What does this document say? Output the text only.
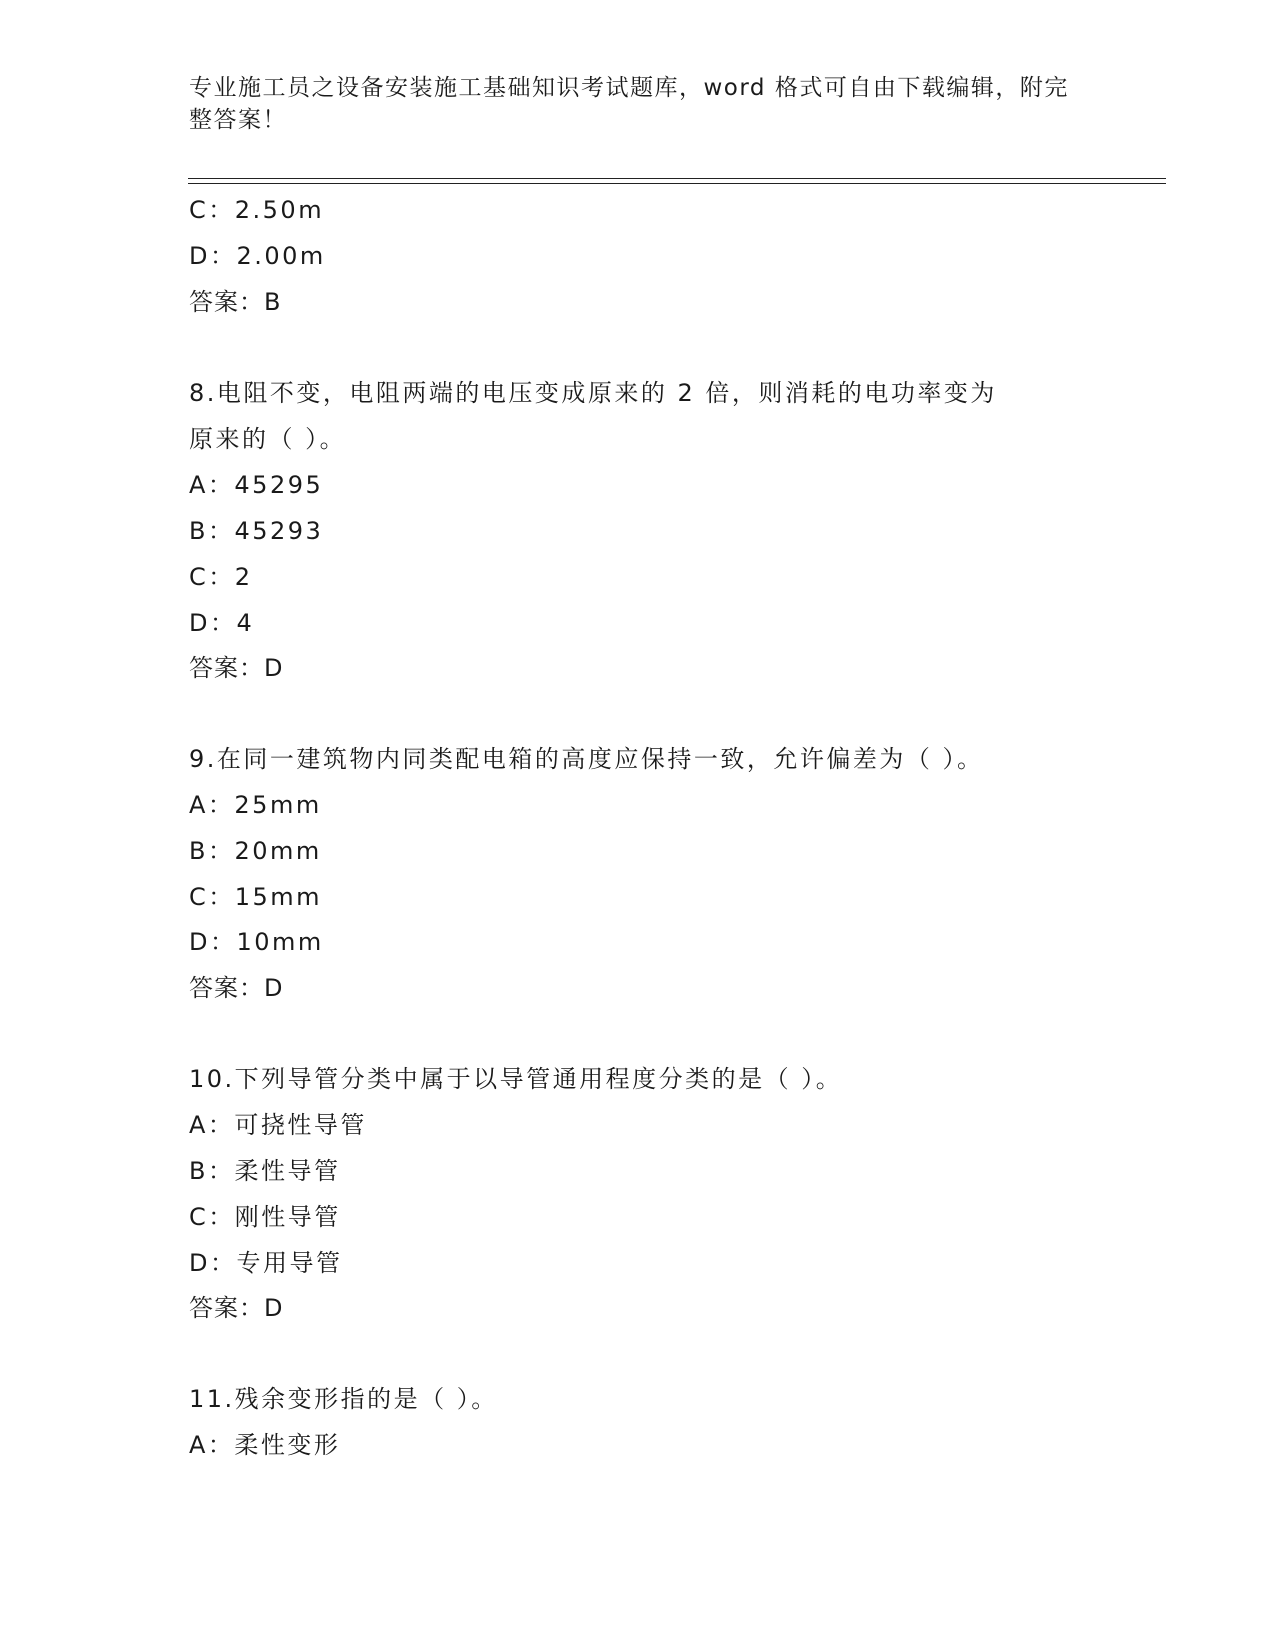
专业施工员之设备安装施工基础知识考试题库，word 格式可自由下载编辑，附完
整答案！
C：2.50m
D：2.00m
答案：B
8.电阻不变，电阻两端的电压变成原来的 2 倍，则消耗的电功率变为
原来的（ ）。
A：45295
B：45293
C：2
D：4
答案：D
9.在同一建筑物内同类配电箱的高度应保持一致，允许偏差为（ ）。
A：25mm
B：20mm
C：15mm
D：10mm
答案：D
10.下列导管分类中属于以导管通用程度分类的是（ ）。
A：可挠性导管
B：柔性导管
C：刚性导管
D：专用导管
答案：D
11.残余变形指的是（ ）。
A：柔性变形
